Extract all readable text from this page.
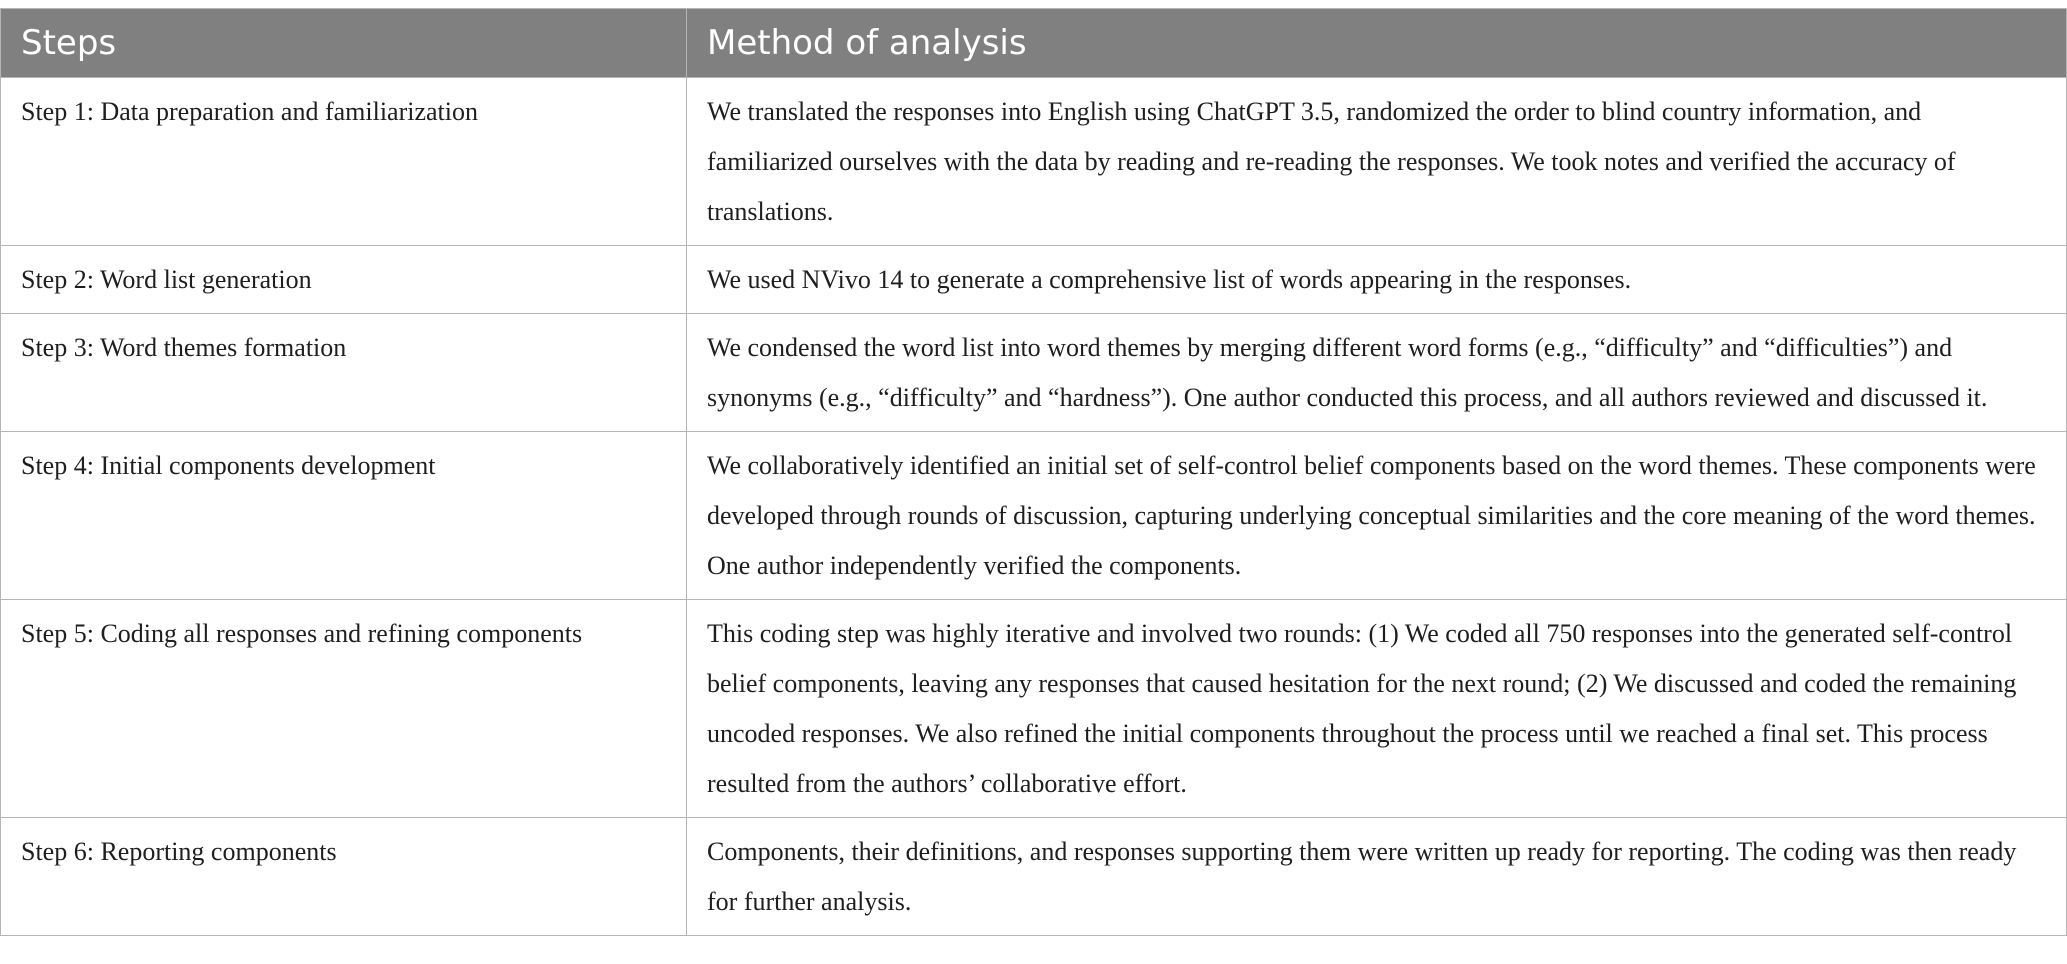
Steps	Method of analysis
Step 1: Data preparation and familiarization	We translated the responses into English using ChatGPT 3.5, randomized the order to blind country information, and familiarized ourselves with the data by reading and re-reading the responses. We took notes and verified the accuracy of translations.
Step 2: Word list generation	We used NVivo 14 to generate a comprehensive list of words appearing in the responses.
Step 3: Word themes formation	We condensed the word list into word themes by merging different word forms (e.g., “difficulty” and “difficulties”) and synonyms (e.g., “difficulty” and “hardness”). One author conducted this process, and all authors reviewed and discussed it.
Step 4: Initial components development	We collaboratively identified an initial set of self-control belief components based on the word themes. These components were developed through rounds of discussion, capturing underlying conceptual similarities and the core meaning of the word themes. One author independently verified the components.
Step 5: Coding all responses and refining components	This coding step was highly iterative and involved two rounds: (1) We coded all 750 responses into the generated self-control belief components, leaving any responses that caused hesitation for the next round; (2) We discussed and coded the remaining uncoded responses. We also refined the initial components throughout the process until we reached a final set. This process resulted from the authors’ collaborative effort.
Step 6: Reporting components	Components, their definitions, and responses supporting them were written up ready for reporting. The coding was then ready for further analysis.
